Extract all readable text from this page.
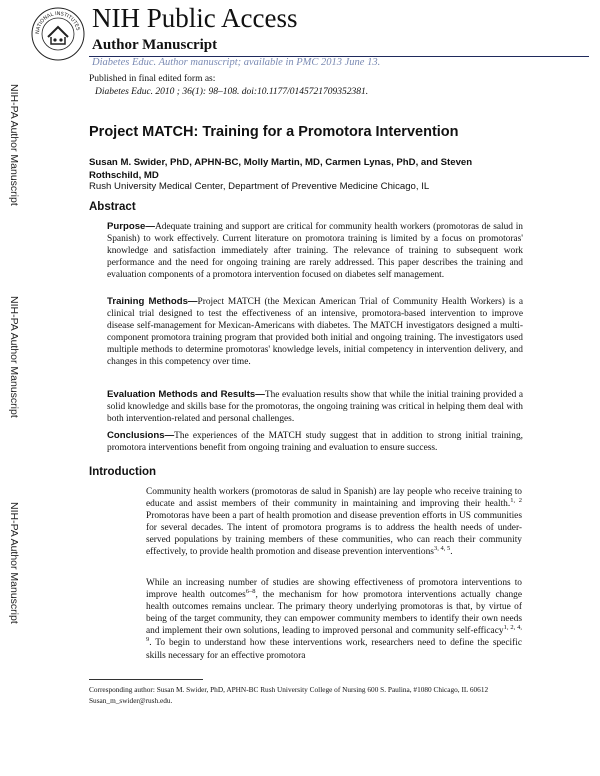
NATIONAL INSTITUTES NIH Public Access
Author Manuscript
Diabetes Educ. Author manuscript; available in PMC 2013 June 13.
Published in final edited form as:
Diabetes Educ. 2010 ; 36(1): 98–108. doi:10.1177/0145721709352381.
NIH-PA Author Manuscript
NIH-PA Author Manuscript
NIH-PA Author Manuscript
Project MATCH: Training for a Promotora Intervention
Susan M. Swider, PhD, APHN-BC, Molly Martin, MD, Carmen Lynas, PhD, and Steven Rothschild, MD
Rush University Medical Center, Department of Preventive Medicine Chicago, IL
Abstract
Purpose—Adequate training and support are critical for community health workers (promotoras de salud in Spanish) to work effectively. Current literature on promotora training is limited by a focus on promotoras' knowledge and satisfaction immediately after training. The relevance of training to subsequent work performance and the need for ongoing training are rarely addressed. This paper describes the training and evaluation components of a promotora intervention focused on diabetes self management.
Training Methods—Project MATCH (the Mexican American Trial of Community Health Workers) is a clinical trial designed to test the effectiveness of an intensive, promotora-based intervention to improve disease self-management for Mexican-Americans with diabetes. The MATCH investigators designed a multi-component promotora training program that provided both initial and ongoing training. The investigators used multiple methods to determine promotoras' knowledge levels, initial competency in intervention delivery, and changes in this competency over time.
Evaluation Methods and Results—The evaluation results show that while the initial training provided a solid knowledge and skills base for the promotoras, the ongoing training was critical in helping them deal with both intervention-related and personal challenges.
Conclusions—The experiences of the MATCH study suggest that in addition to strong initial training, promotora interventions benefit from ongoing training and evaluation to ensure success.
Introduction
Community health workers (promotoras de salud in Spanish) are lay people who receive training to educate and assist members of their community in maintaining and improving their health.$^{1, 2}$ Promotoras have been a part of health promotion and disease prevention efforts in US communities for several decades. The intent of promotora programs is to address the health needs of under-served populations by training members of these communities, who can reach their community effectively, to provide health promotion and disease prevention interventions$^{3, 4, 5}$.
While an increasing number of studies are showing effectiveness of promotora interventions to improve health outcomes$^{6-8}$, the mechanism for how promotora interventions actually change health outcomes remains unclear. The primary theory underlying promotoras is that, by virtue of being of the target community, they can empower community members to identify their own needs and implement their own solutions, leading to improved personal and community self-efficacy$^{1, 2, 4, 9}$. To begin to understand how these interventions work, researchers need to define the specific skills necessary for an effective promotora
Corresponding author: Susan M. Swider, PhD, APHN-BC Rush University College of Nursing 600 S. Paulina, #1080 Chicago, IL 60612 Susan_m_swider@rush.edu.
